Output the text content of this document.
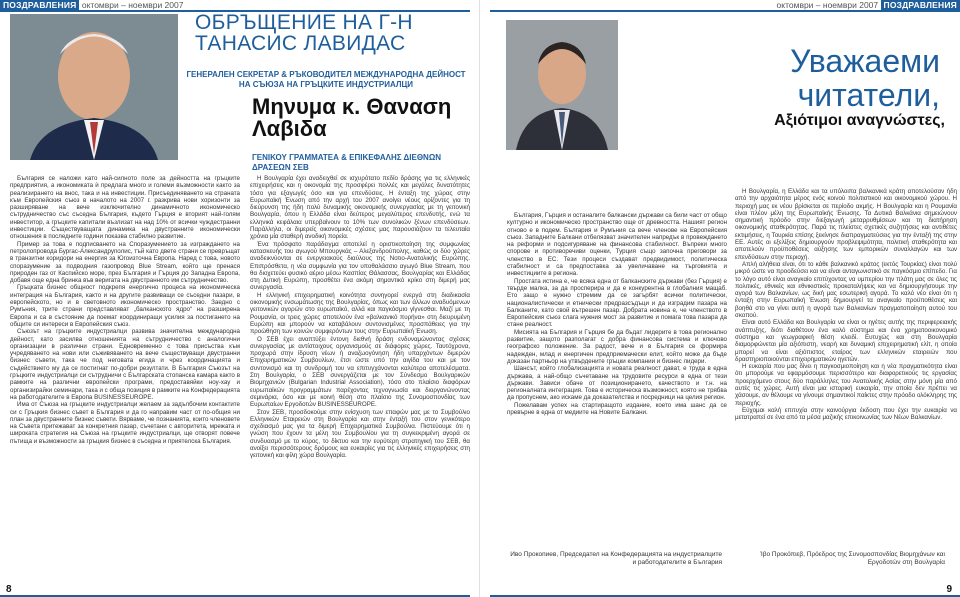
ПОЗДРАВЛЕНИЯ октомври – ноември 2007	октомври – ноември 2007 ПОЗДРАВЛЕНИЯ
ОБРЪЩЕНИЕ НА Г-Н ТАНАСИС ЛАВИДАС
ГЕНЕРАЛЕН СЕКРЕТАР & РЪКОВОДИТЕЛ МЕЖДУНАРОДНА ДЕЙНОСТ НА СЪЮЗА НА ГРЪЦКИТЕ ИНДУСТРИАЛЦИ
Μηνυμα κ. Θαναση Λαβιδα
ΓΕΝΙΚΟΥ ΓΡΑΜΜΑΤΕΑ & ΕΠΙΚΕΦΑΛΗΣ ΔΙΕΘΝΩΝ ΔΡΑΣΕΩΝ ΣΕΒ

България се наложи като най-силното поле за дейността на гръцките предприятия, а икономиката ѝ предлага много и големи възможности както за реализирането на внос, така и на инвестиции. Присъединяването на страната към Европейския съюз в началото на 2007 г. разкрива нови хоризонти за разширяване на вече изключително динамичното икономическо сътрудничество със съседна България, където Гърция е вторият най-голям инвеститор, а гръцките капитали възлизат на над 10% от всички чуждестранни инвестиции. Съществуващата динамика на двустранните икономически отношения в последните години показва стабилно развитие.

Пример за това е подписването на Споразумението за изграждането на петролопровода Бургас-Александруполис, тъй като двете страни се превръщат в транзитни коридори на енергия за Югоизточна Европа. Наред с това, новото споразумение за подводния газопровод Blue Stream, който ще пренася природен газ от Каспийско море, през България и Гърция до Западна Европа, добавя още една бринка във веригата на двустранното им сътрудничество.

Гръцката бизнес общност подкрепя енергично процеса на икономическа интеграция на България, както и на другите развиващи се съседни пазари, в европейското, но и в световното икономическо пространство. Заедно с Румъния, трите страни представляват „балканското ядро“ на разширена Европа и са в състояние да поемат координиращи усилия за постигането на общите си интереси в Европейския съюз.

Съюзът на гръцките индустриалци развива значителна международна дейност, като засилва отношенията на сътрудничество с аналогични организации в различни страни. Едновременно с това присъства към учредяването на нови или съживяването на вече съществуващи двустранни бизнес съвети, така че под неговата егида и чрез координацията и съдействието му да се постигнат по-добри резултати. В България Съюзът на гръцките индустриалци си сътрудничи с Българската стопанска камара както в рамките на различни европейски програми, предоставяйки ноу-хау и организирайки семинари, така и с обща позиция в рамките на Конфедерацията на работодателите в Европа BUSINESSEUROPE.

Има от Съюза на гръцките индустриалци желаем за задълбочим контактите си с Гръцкия бизнес съвет в България и да го направим част от по-общия ни план за двустранните бизнес съвети. Вярваме, че познанията, които членовете на Съвета притежават за конкретния пазар, съчетани с авторитета, мрежата и широката стратегия на Съюза на гръцките индустриалци, ще отворят повече пътища и възможности за гръцкия бизнес в съседна и приятелска България.

Η Βουλγαρία έχει αναδειχθεί σε ισχυρότατο πεδίο δράσης για τις ελληνικές επιχειρήσεις και η οικονομία της προσφέρει πολλές και μεγάλες δυνατότητες τόσο για εξαγωγές όσο και για επενδύσεις. Η ένταξη της χώρας στην Ευρωπαϊκή Ένωση από την αρχή του 2007 ανοίγει νέους ορίζοντες για τη διεύρυνση της ήδη πολύ δυναμικής οικονομικής συνεργασίας με τη γειτονική Βουλγαρία, όπου η Ελλάδα είναι δεύτερος μεγαλύτερος επενδυτής, ενώ τα ελληνικά κεφάλαια υπερβαίνουν το 10% των συνολικών ξένων επενδύσεων. Παράλληλα, οι διμερείς οικονομικές σχέσεις μας παρουσιάζουν τα τελευταία χρόνια μία σταθερή ανοδική πορεία.

Ένα πρόσφατο παράδειγμα αποτελεί η οριστικοποίηση της συμφωνίας κατασκευής του αγωγού Μπουργκάς – Αλεξανδρούπολης, καθώς οι δύο χώρες αναδεικνύονται σε ενεργειακούς διαύλους της Νοτιο-Ανατολικής Ευρώπης. Επιπρόσθετα, η νέα συμφωνία για τον υποθαλάσσιο αγωγό Blue Stream, που θα διοχετεύει φυσικό αέριο μέσω Κασπίας Θάλασσας, Βουλγαρίας και Ελλάδας στη Δυτική Ευρώπη, προσθέτει ένα ακόμη σημαντικό κρίκο στη διμερή μας συνεργασία.

Η ελληνική επιχειρηματική κοινότητα συνηγορεί ενεργά στη διαδικασία οικονομικής ενσωμάτωσης της Βουλγαρίας, όπως και των άλλων αναδυόμενων γειτονικών αγορών στο ευρωπαϊκό, αλλά και παγκόσμιο γίγνεσθαι. Μαζί με τη Ρουμανία, οι τρεις χώρες αποτελούν ένα «βαλκανικό πυρήνα» στη διευρυμένη Ευρώπη και μπορούν να καταβάλουν συντονισμένες προσπάθειες για την προώθηση των κοινών συμφερόντων τους στην Ευρωπαϊκή Ένωση.

Ο ΣΕΒ έχει αναπτύξει έντονη διεθνή δράση ενδυναμώνοντας σχέσεις συνεργασίας με αντίστοιχους οργανισμούς σε διάφορες χώρες. Ταυτόχρονα, προχωρά στην ίδρυση νέων ή αναζωογόνηση ήδη υπαρχόντων διμερών Επιχειρηματικών Συμβουλίων, έτσι ώστε υπό την αιγίδα του και με τον συντονισμό και τη συνδρομή του να επιτυγχάνονται καλύτερα αποτελέσματα. Στη Βουλγαρία, ο ΣΕΒ συνεργάζεται με τον Σύνδεσμο Βουλγαρικών Βιομηχανιών (Bulgarian Industrial Association), τόσο στο πλαίσιο διαφόρων ευρωπαϊκών προγραμμάτων παρέχοντας τεχνογνωσία και διοργανώνοντας σεμινάρια, όσο και με κοινή θέση στο πλαίσιο της Συνομοσπονδίας των Ευρωπαίων Εργοδοτών BUSINESSEUROPE.

Στον ΣΕΒ, προσδοκούμε στην ενίσχυση των επαφών μας με το Συμβούλιο Ελληνικών Εταιρειών στη Βουλγαρία και στην ένταξή του στον γενικότερο σχεδιασμό μας για τα διμερή Επιχειρηματικά Συμβούλια. Πιστεύουμε ότι η γνώση που έχουν τα μέλη του Συμβουλίου για τη συγκεκριμένη αγορά σε συνδυασμό με το κύρος, το δίκτυο και την ευρύτερη στρατηγική του ΣΕΒ, θα ανοίξει περισσότερους δρόμους και ευκαιρίες για τις ελληνικές επιχειρήσεις στη γειτονική και φίλη χώρα Βουλγαρία.

Уважаеми читатели,
Αξιότιμοι αναγνώστες,

България, Гърция и останалите балкански държави са били част от общо културно и икономическо пространство още от древността. Нашият регион отново е в подем. България и Румъния са вече членове на Европейския съюз. Западните Балкани отбелязват значителен напредък в провеждането на реформи и подсигуряване на финансова стабилност. Въпреки много спорове и противоречиви оценки, Турция също започна преговори за членство в ЕС. Тези процеси създават предвидимост, политическа стабилност и са предпоставка за увеличаване на търговията и инвестициите в региона.

Простата истина е, че всяка една от балканските държави (без Гърция) е твърде малка, за да просперира и да е конкурентна в глобалния мащаб. Ето защо е нужно стремим да се загърбят всички политически, националистически и етнически предразсъдъци и да изградим пазара на Балканите, като свой вътрешен пазар. Добрата новина е, че членството в Европейския съюз слага нужния мост за развитие и помага това пазара да стане реалност.

Мисията на България и Гърция бе да бъдат лидерите в това регионално развитие, защото разполагат с добра финансова система и ключово географско положение. За радост, вече и в България се формира надежден, млад и енергичен предприемачески елит, който може да бъде доказан партньор на утвърдените гръцки компании и бизнес лидери.

Шансът, който глобализацията и новата реалност дават, е труда в една държава, а най-общо съчетаване на трудовите ресурси в една от тези държави. Зависи обаче от позиционирането, качеството и т.н. на регионалната интеграция. Това е историческа възможност, която не трябва да пропуснем, ако искаме да доказателства и посредници на целия регион.

Пожелавам успех на стартиращото издание, което има шанс да се превърне в една от медиите на Новите Балкани.

Η Βουλγαρία, η Ελλάδα και τα υπόλοιπα βαλκανικά κράτη αποτελούσαν ήδη από την αρχαιότητα μέρος ενός κοινού πολιτιστικού και οικονομικού χώρου. Η περιοχή μας εκ νέου βρίσκεται σε περίοδο ακμής. Η Βουλγαρία και η Ρουμανία είναι πλέον μέλη της Ευρωπαϊκής Ένωσης. Τα Δυτικά Βαλκάνια σημειώνουν σημαντική πρόοδο στην διεξαγωγή μεταρρυθμίσεων και τη διατήρηση οικονομικής σταθερότητας. Παρά τις πλείστες σχετικές συζητήσεις και αντιθέτες εκτιμήσεις, η Τουρκία επίσης ξεκίνησε διαπραγματεύσεις για την ένταξή της στην ΕΕ. Αυτές οι εξελίξεις δημιουργούν προβλεψιμότητα, πολιτική σταθερότητα και αποτελούν προϋποθέσεις αύξησης των εμπορικών συναλλαγών και των επενδύσεων στην περιοχή.

Απλή αλήθεια είναι, ότι το κάθε βαλκανικό κράτος (εκτός Τουρκίας) είναι πολύ μικρό ώστε να προοδεύσει και να είναι ανταγωνιστικό σε παγκόσμιο επίπεδο. Για το λόγο αυτό είναι αναγκαίο επιτύχοντας να υμπερίου την πλάτη μας σε όλες τις πολιτικές, εθνικές και εθνικιστικές προκαταλήψεις και να δημιουργήσουμε την αγορά των Βαλκανίων, ως δική μας εσωτερική αγορά. Το καλό νέο είναι ότι η ένταξη στην Ευρωπαϊκή Ένωση δημιουργεί τα αναγκαίο προϋποθέσεις και βοηθά στο να γίνει αυτή η αγορά των Βαλκανίων πραγματοποίηση αυτού του σκοπού.

Είναι αυτό Ελλάδα και Βουλγαρία να είναι οι ηγέτες αυτής της περιφερειακής ανάπτυξης, διότι διαθέτουν ένα καλό σύστημα και ένα χρηματοοικονομικό σύστημα και γεωγραφική θέση κλειδί. Ευτυχώς και στη Βουλγαρία διαμορφώνεται μία αξιόπιστη, νεαρή και δυναμική επιχειρηματική ελίτ, η οποία μπορεί να είναι αξιόπιστος εταίρος των ελληνικών εταιρειών που δραστηριοποιούνται επιχειρηματικών ηγετών.

Η ευκαιρία που μας δίνει η παγκοσμιοποίηση και η νέα πραγματικότητα είναι ότι μπορούμε να εφαρμόσουμε περισσότερο και διαφορετικούς τις εργασίας προερχόμενο στους δύο παράλληλες του Ανατολικής Ασίας στην μόνη μία από αυτές τις χώρες. Αυτή είναι μια ιστορική ευκαιρία, την οποία δεν πρέπει να χάσουμε, αν θέλουμε να γίνουμε σημαντικοί παίκτες στην πρόοδο ολόκληρης της περιοχής.

Εύχομαι καλή επιτυχία στην καινούργια έκδοση που έχει την ευκαιρία να μετατραπεί σε ένα από τα μέσα μαζικής επικοινωνίας των Νέων Βαλκανίων.

Иво Прокопиев, Председател на Конфедерацията на индустриалците и работодателите в България
Ίβο Προκόπιεβ, Πρόεδρος της Συνομοσπονδίας Βιομηχάνων και Εργοδοτών στη Βουλγαρία
8	9
